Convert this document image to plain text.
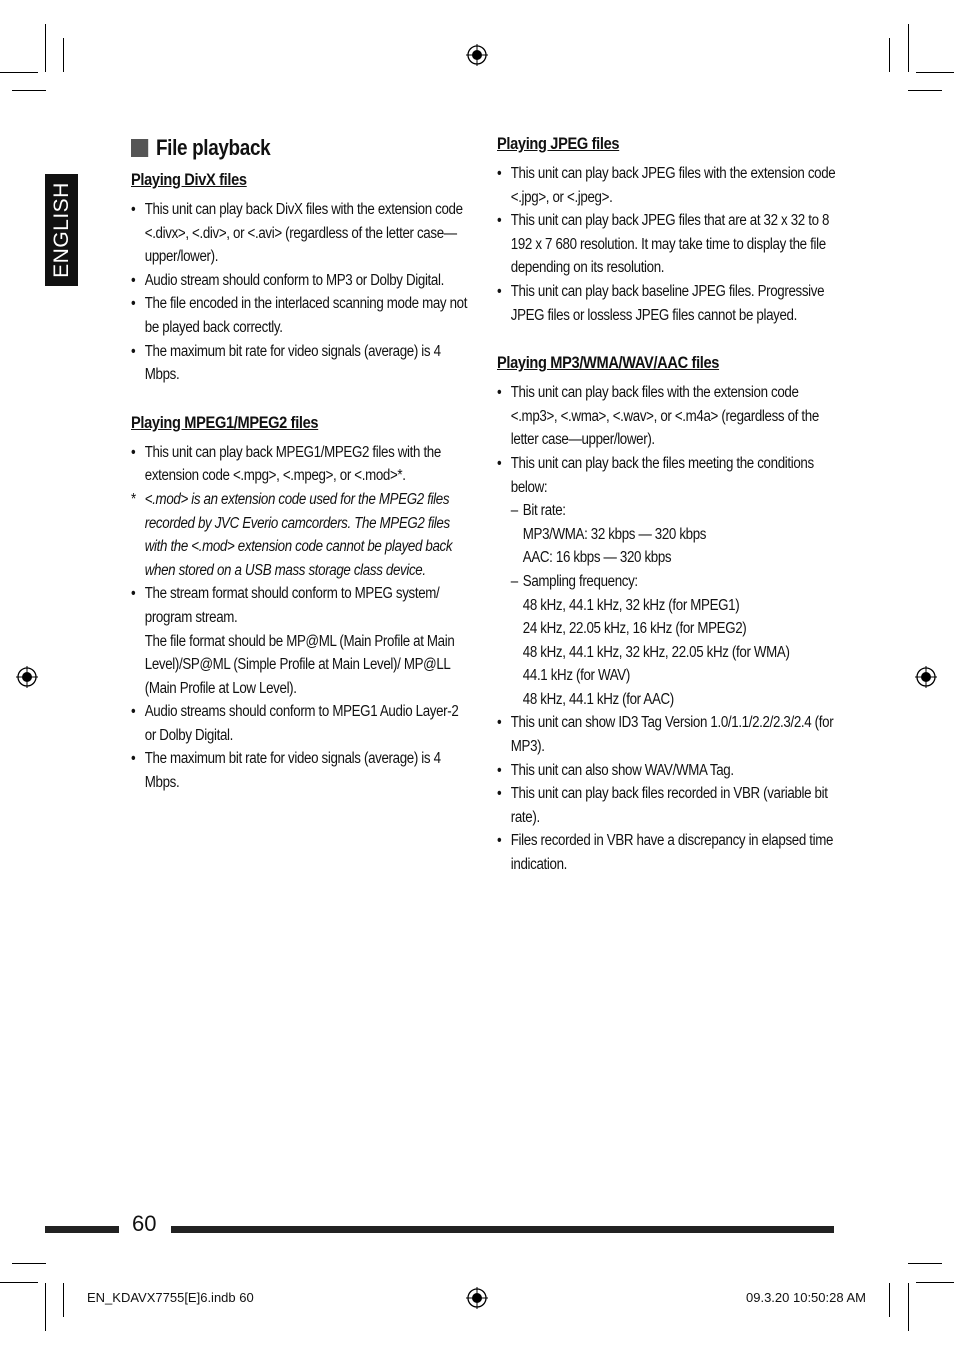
ENGLISH
File playback
Playing DivX files
• This unit can play back DivX files with the extension code <.divx>, <.div>, or <.avi> (regardless of the letter case—upper/lower).
• Audio stream should conform to MP3 or Dolby Digital.
• The file encoded in the interlaced scanning mode may not be played back correctly.
• The maximum bit rate for video signals (average) is 4 Mbps.
Playing MPEG1/MPEG2 files
• This unit can play back MPEG1/MPEG2 files with the extension code <.mpg>, <.mpeg>, or <.mod>*.
* <.mod> is an extension code used for the MPEG2 files recorded by JVC Everio camcorders. The MPEG2 files with the <.mod> extension code cannot be played back when stored on a USB mass storage class device.
• The stream format should conform to MPEG system/ program stream.
The file format should be MP@ML (Main Profile at Main Level)/SP@ML (Simple Profile at Main Level)/ MP@LL (Main Profile at Low Level).
• Audio streams should conform to MPEG1 Audio Layer-2 or Dolby Digital.
• The maximum bit rate for video signals (average) is 4 Mbps.
Playing JPEG files
• This unit can play back JPEG files with the extension code <.jpg>, or <.jpeg>.
• This unit can play back JPEG files that are at 32 x 32 to 8 192 x 7 680 resolution. It may take time to display the file depending on its resolution.
• This unit can play back baseline JPEG files. Progressive JPEG files or lossless JPEG files cannot be played.
Playing MP3/WMA/WAV/AAC files
• This unit can play back files with the extension code <.mp3>, <.wma>, <.wav>, or <.m4a> (regardless of the letter case—upper/lower).
• This unit can play back the files meeting the conditions below:
– Bit rate:
MP3/WMA: 32 kbps — 320 kbps
AAC: 16 kbps — 320 kbps
– Sampling frequency:
48 kHz, 44.1 kHz, 32 kHz (for MPEG1)
24 kHz, 22.05 kHz, 16 kHz (for MPEG2)
48 kHz, 44.1 kHz, 32 kHz, 22.05 kHz (for WMA)
44.1 kHz (for WAV)
48 kHz, 44.1 kHz (for AAC)
• This unit can show ID3 Tag Version 1.0/1.1/2.2/2.3/2.4 (for MP3).
• This unit can also show WAV/WMA Tag.
• This unit can play back files recorded in VBR (variable bit rate).
• Files recorded in VBR have a discrepancy in elapsed time indication.
60
EN_KDAVX7755[E]6.indb 60	09.3.20 10:50:28 AM
